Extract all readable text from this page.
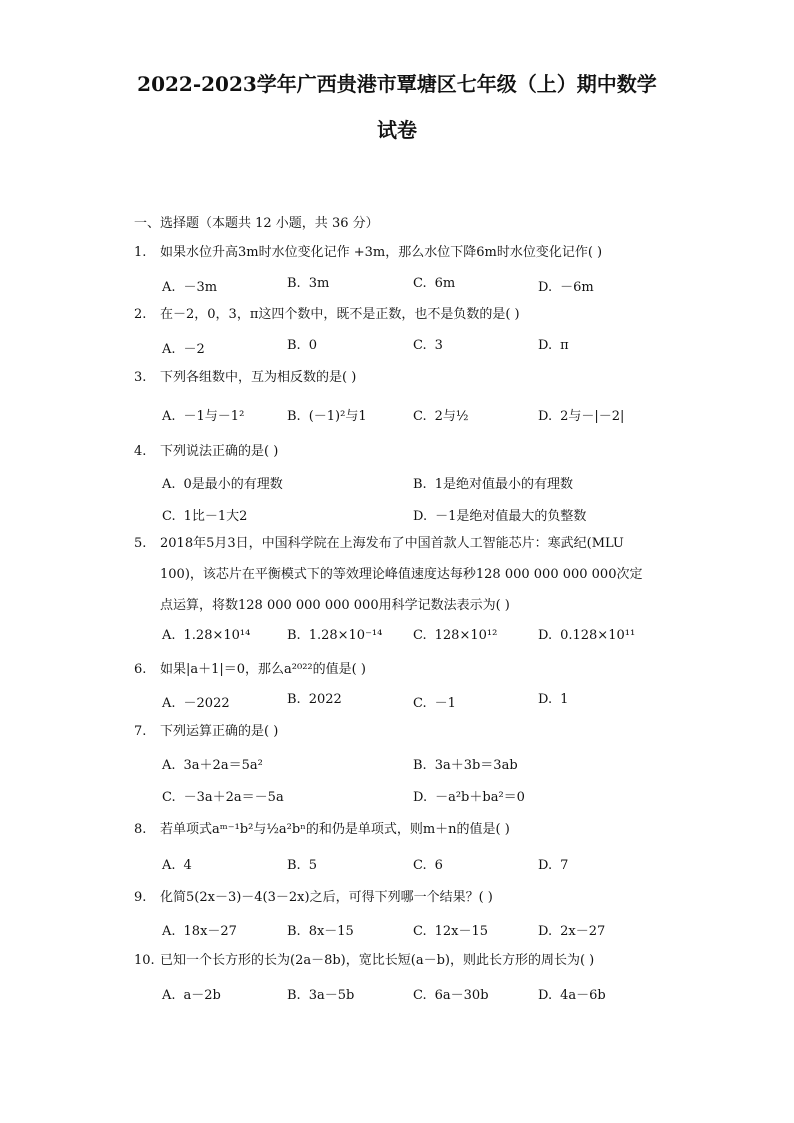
2022-2023学年广西贵港市覃塘区七年级（上）期中数学
试卷
一、选择题（本题共 12 小题，共 36 分）
1. 如果水位升高3m时水位变化记作 +3m，那么水位下降6m时水位变化记作( )
A. －3m	B. 3m	C. 6m	D. －6m
2. 在－2，0，3，π这四个数中，既不是正数，也不是负数的是( )
A. －2	B. 0	C. 3	D. π
3. 下列各组数中，互为相反数的是( )
A. －1与－1²	B. (－1)²与1	C. 2与½	D. 2与－|－2|
4. 下列说法正确的是( )
A. 0是最小的有理数	B. 1是绝对值最小的有理数
C. 1比－1大2	D. －1是绝对值最大的负整数
5. 2018年5月3日，中国科学院在上海发布了中国首款人工智能芯片：寒武纪(MLU
100)，该芯片在平衡模式下的等效理论峰值速度达每秒128 000 000 000 000次定
点运算，将数128 000 000 000 000用科学记数法表示为( )
A. 1.28×10¹⁴	B. 1.28×10⁻¹⁴ C. 128×10¹²	D. 0.128×10¹¹
6. 如果|a＋1|＝0，那么a²⁰²²的值是( )
A. －2022	B. 2022	C. －1	D. 1
7. 下列运算正确的是( )
A. 3a＋2a＝5a²	B. 3a＋3b＝3ab
C. －3a＋2a＝－5a	D. －a²b＋ba²＝0
8. 若单项式aᵐ⁻¹b²与½a²bⁿ的和仍是单项式，则m＋n的值是( )
A. 4	B. 5	C. 6	D. 7
9. 化简5(2x－3)－4(3－2x)之后，可得下列哪一个结果？( )
A. 18x－27	B. 8x－15	C. 12x－15	D. 2x－27
10. 已知一个长方形的长为(2a－8b)，宽比长短(a－b)，则此长方形的周长为( )
A. a－2b	B. 3a－5b	C. 6a－30b	D. 4a－6b
